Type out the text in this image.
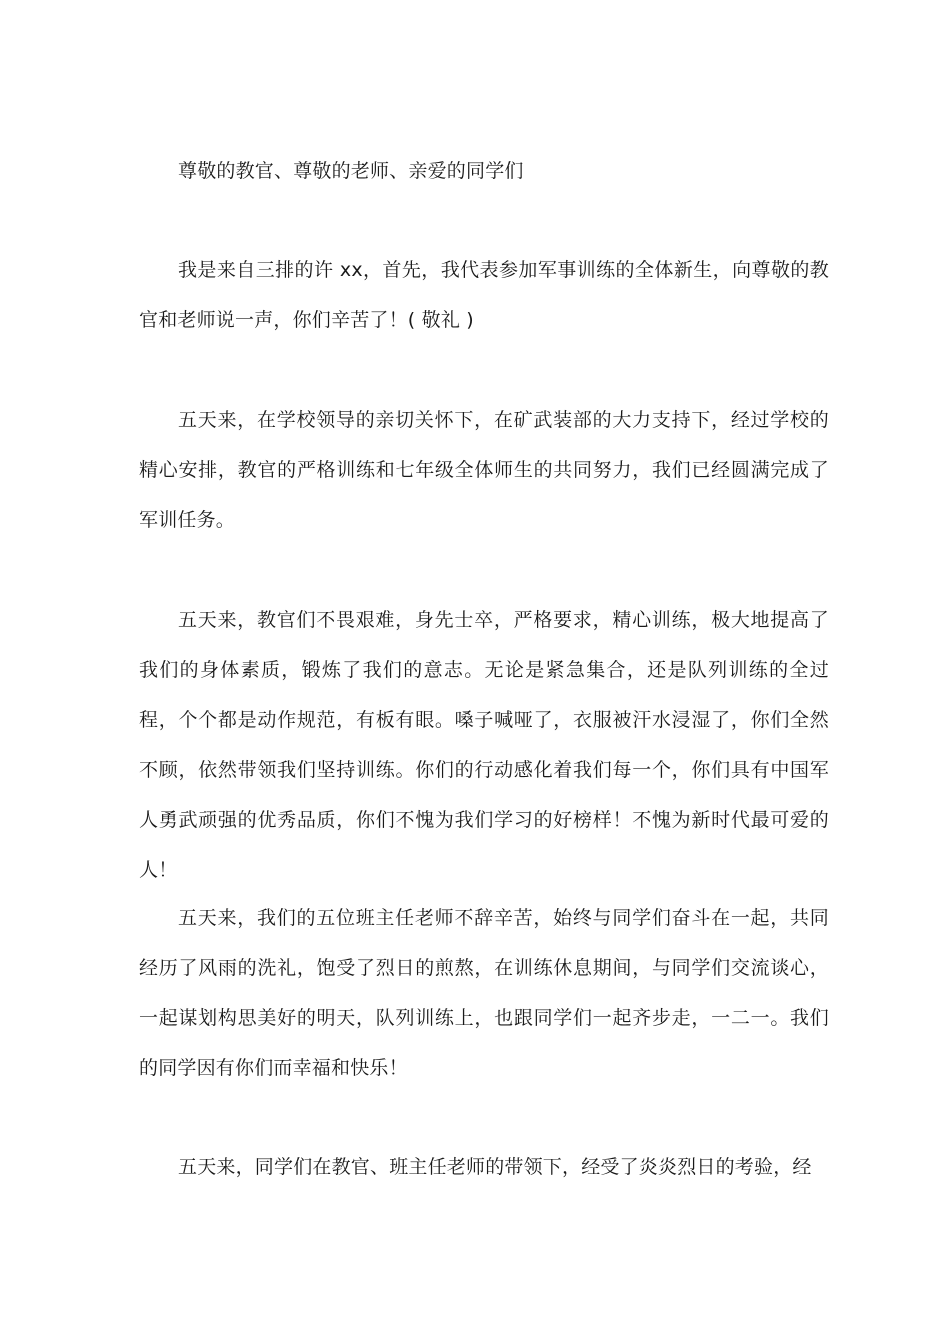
尊敬的教官、尊敬的老师、亲爱的同学们

我是来自三排的许 xx，首先，我代表参加军事训练的全体新生，向尊敬的教官和老师说一声，你们辛苦了！( 敬礼 )

五天来，在学校领导的亲切关怀下，在矿武装部的大力支持下，经过学校的精心安排，教官的严格训练和七年级全体师生的共同努力，我们已经圆满完成了军训任务。

五天来，教官们不畏艰难，身先士卒，严格要求，精心训练，极大地提高了我们的身体素质，锻炼了我们的意志。无论是紧急集合，还是队列训练的全过程，个个都是动作规范，有板有眼。嗓子喊哑了，衣服被汗水浸湿了，你们全然不顾，依然带领我们坚持训练。你们的行动感化着我们每一个，你们具有中国军人勇武顽强的优秀品质，你们不愧为我们学习的好榜样！不愧为新时代最可爱的人！

五天来，我们的五位班主任老师不辞辛苦，始终与同学们奋斗在一起，共同经历了风雨的洗礼，饱受了烈日的煎熬，在训练休息期间，与同学们交流谈心，一起谋划构思美好的明天，队列训练上，也跟同学们一起齐步走，一二一。我们的同学因有你们而幸福和快乐！

五天来，同学们在教官、班主任老师的带领下，经受了炎炎烈日的考验，经
